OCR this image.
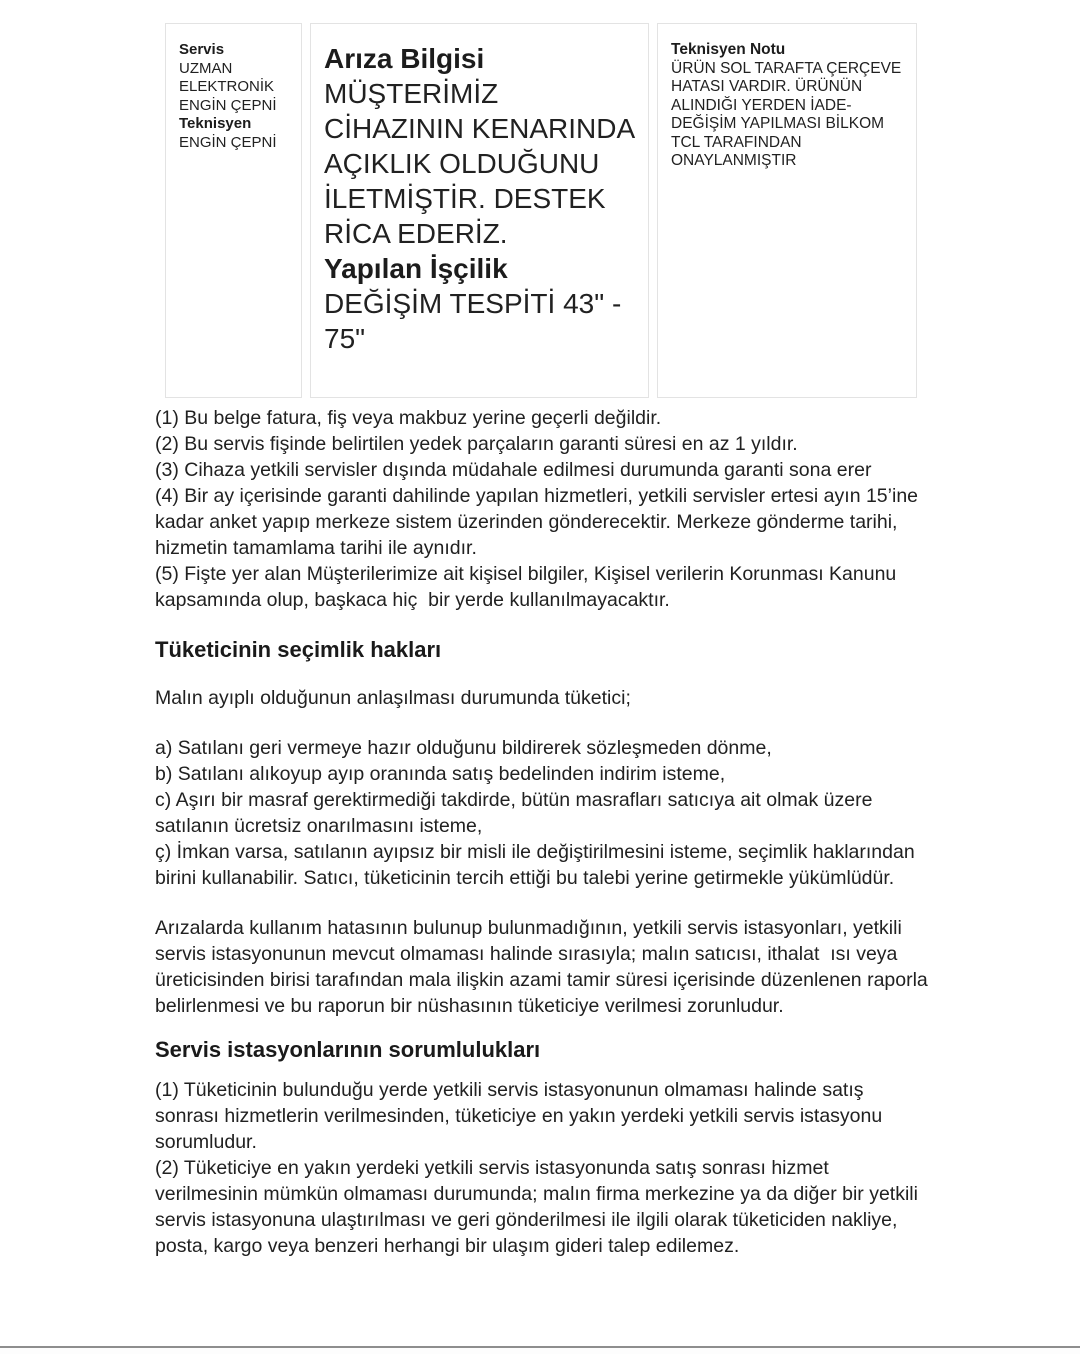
Servis
UZMAN ELEKTRONİK ENGİN ÇEPNİ
Teknisyen
ENGİN ÇEPNİ
Arıza Bilgisi
MÜŞTERİMİZ CİHAZININ KENARINDA AÇIKLIK OLDUĞUNU İLETMİŞTİR. DESTEK RİCA EDERİZ.
Yapılan İşçilik
DEĞİŞİM TESPİTİ 43" - 75"
Teknisyen Notu
ÜRÜN SOL TARAFTA ÇERÇEVE HATASI VARDIR. ÜRÜNÜN ALINDIĞI YERDEN İADE-DEĞİŞİM YAPILMASI BİLKOM TCL TARAFINDAN ONAYLANMIŞTIR
(1) Bu belge fatura, fiş veya makbuz yerine geçerli değildir.
(2) Bu servis fişinde belirtilen yedek parçaların garanti süresi en az 1 yıldır.
(3) Cihaza yetkili servisler dışında müdahale edilmesi durumunda garanti sona erer
(4) Bir ay içerisinde garanti dahilinde yapılan hizmetleri, yetkili servisler ertesi ayın 15’ine kadar anket yapıp merkeze sistem üzerinden gönderecektir. Merkeze gönderme tarihi, hizmetin tamamlama tarihi ile aynıdır.
(5) Fişte yer alan Müşterilerimize ait kişisel bilgiler, Kişisel verilerin Korunması Kanunu kapsamında olup, başkaca hiç  bir yerde kullanılmayacaktır.
Tüketicinin seçimlik hakları
Malın ayıplı olduğunun anlaşılması durumunda tüketici;
a) Satılanı geri vermeye hazır olduğunu bildirerek sözleşmeden dönme,
b) Satılanı alıkoyup ayıp oranında satış bedelinden indirim isteme,
c) Aşırı bir masraf gerektirmediği takdirde, bütün masrafları satıcıya ait olmak üzere satılanın ücretsiz onarılmasını isteme,
ç) İmkan varsa, satılanın ayıpsız bir misli ile değiştirilmesini isteme, seçimlik haklarından birini kullanabilir. Satıcı, tüketicinin tercih ettiği bu talebi yerine getirmekle yükümlüdür.
Arızalarda kullanım hatasının bulunup bulunmadığının, yetkili servis istasyonları, yetkili servis istasyonunun mevcut olmaması halinde sırasıyla; malın satıcısı, ithalat  ısı veya üreticisinden birisi tarafından mala ilişkin azami tamir süresi içerisinde düzenlenen raporla belirlenmesi ve bu raporun bir nüshasının tüketiciye verilmesi zorunludur.
Servis istasyonlarının sorumlulukları
(1) Tüketicinin bulunduğu yerde yetkili servis istasyonunun olmaması halinde satış sonrası hizmetlerin verilmesinden, tüketiciye en yakın yerdeki yetkili servis istasyonu sorumludur.
(2) Tüketiciye en yakın yerdeki yetkili servis istasyonunda satış sonrası hizmet verilmesinin mümkün olmaması durumunda; malın firma merkezine ya da diğer bir yetkili servis istasyonuna ulaştırılması ve geri gönderilmesi ile ilgili olarak tüketiciden nakliye, posta, kargo veya benzeri herhangi bir ulaşım gideri talep edilemez.
